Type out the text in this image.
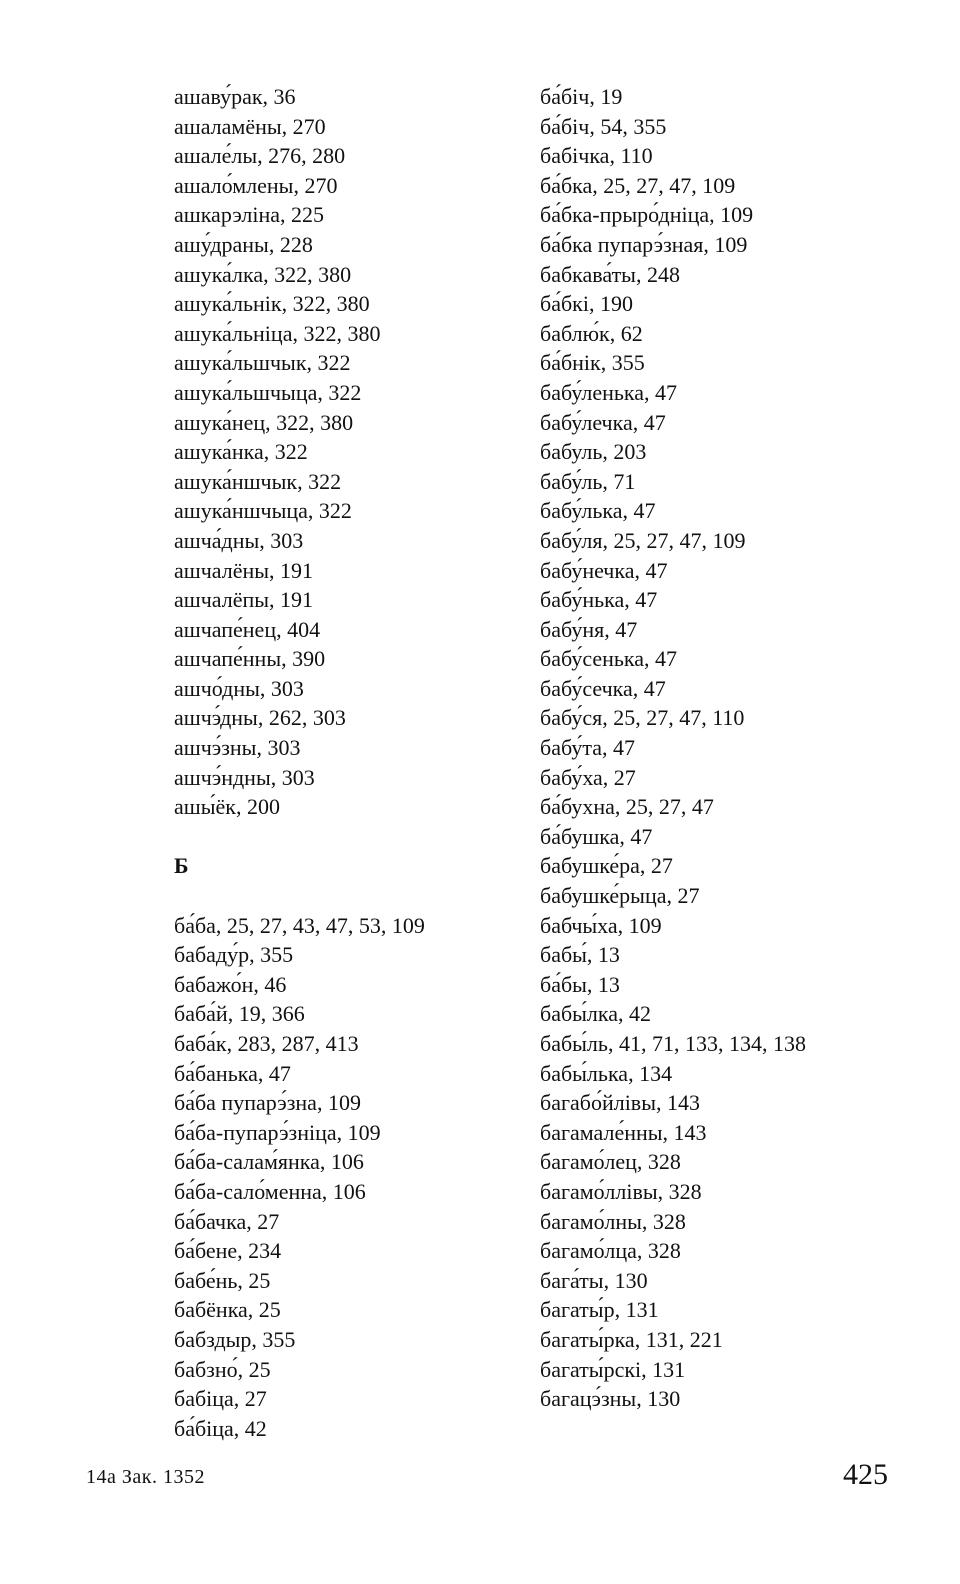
ашаву́рак, 36
ашаламёны, 270
ашале́лы, 276, 280
ашало́млены, 270
ашкарэліна, 225
ашу́драны, 228
ашука́лка, 322, 380
ашука́льнік, 322, 380
ашука́льніца, 322, 380
ашука́льшчык, 322
ашука́льшчыца, 322
ашука́нец, 322, 380
ашука́нка, 322
ашука́ншчык, 322
ашука́ншчыца, 322
ашча́дны, 303
ашчалёны, 191
ашчалёпы, 191
ашчапе́нец, 404
ашчапе́нны, 390
ашчо́дны, 303
ашчэ́дны, 262, 303
ашчэ́зны, 303
ашчэ́ндны, 303
ашы́ёк, 200
Б
ба́ба, 25, 27, 43, 47, 53, 109
бабаду́р, 355
бабажо́н, 46
баба́й, 19, 366
баба́к, 283, 287, 413
ба́банька, 47
ба́ба пупарэ́зна, 109
ба́ба-пупарэ́зніца, 109
ба́ба-салам́янка, 106
ба́ба-сало́менна, 106
ба́бачка, 27
ба́бене, 234
бабе́нь, 25
бабёнка, 25
бабздыр, 355
бабзно́, 25
бабіца, 27
ба́біца, 42
ба́біч, 19
ба́біч, 54, 355
бабічка, 110
ба́бка, 25, 27, 47, 109
ба́бка-прыро́дніца, 109
ба́бка пупарэ́зная, 109
бабкава́ты, 248
ба́бкі, 190
баблю́к, 62
ба́бнік, 355
бабу́ленька, 47
бабу́лечка, 47
бабуль, 203
бабу́ль, 71
бабу́лька, 47
бабу́ля, 25, 27, 47, 109
бабу́нечка, 47
бабу́нька, 47
бабу́ня, 47
бабу́сенька, 47
бабу́сечка, 47
бабу́ся, 25, 27, 47, 110
бабу́та, 47
бабу́ха, 27
ба́бухна, 25, 27, 47
ба́бушка, 47
бабушке́ра, 27
бабушке́рыца, 27
бабчы́ха, 109
бабы́, 13
ба́бы, 13
бабы́лка, 42
бабы́ль, 41, 71, 133, 134, 138
бабы́лька, 134
багабо́йлівы, 143
багамале́нны, 143
багамо́лец, 328
багамо́ллівы, 328
багамо́лны, 328
багамо́лца, 328
бага́ты, 130
багаты́р, 131
багаты́рка, 131, 221
багаты́рскі, 131
багацэ́зны, 130
14а Зак. 1352	425
